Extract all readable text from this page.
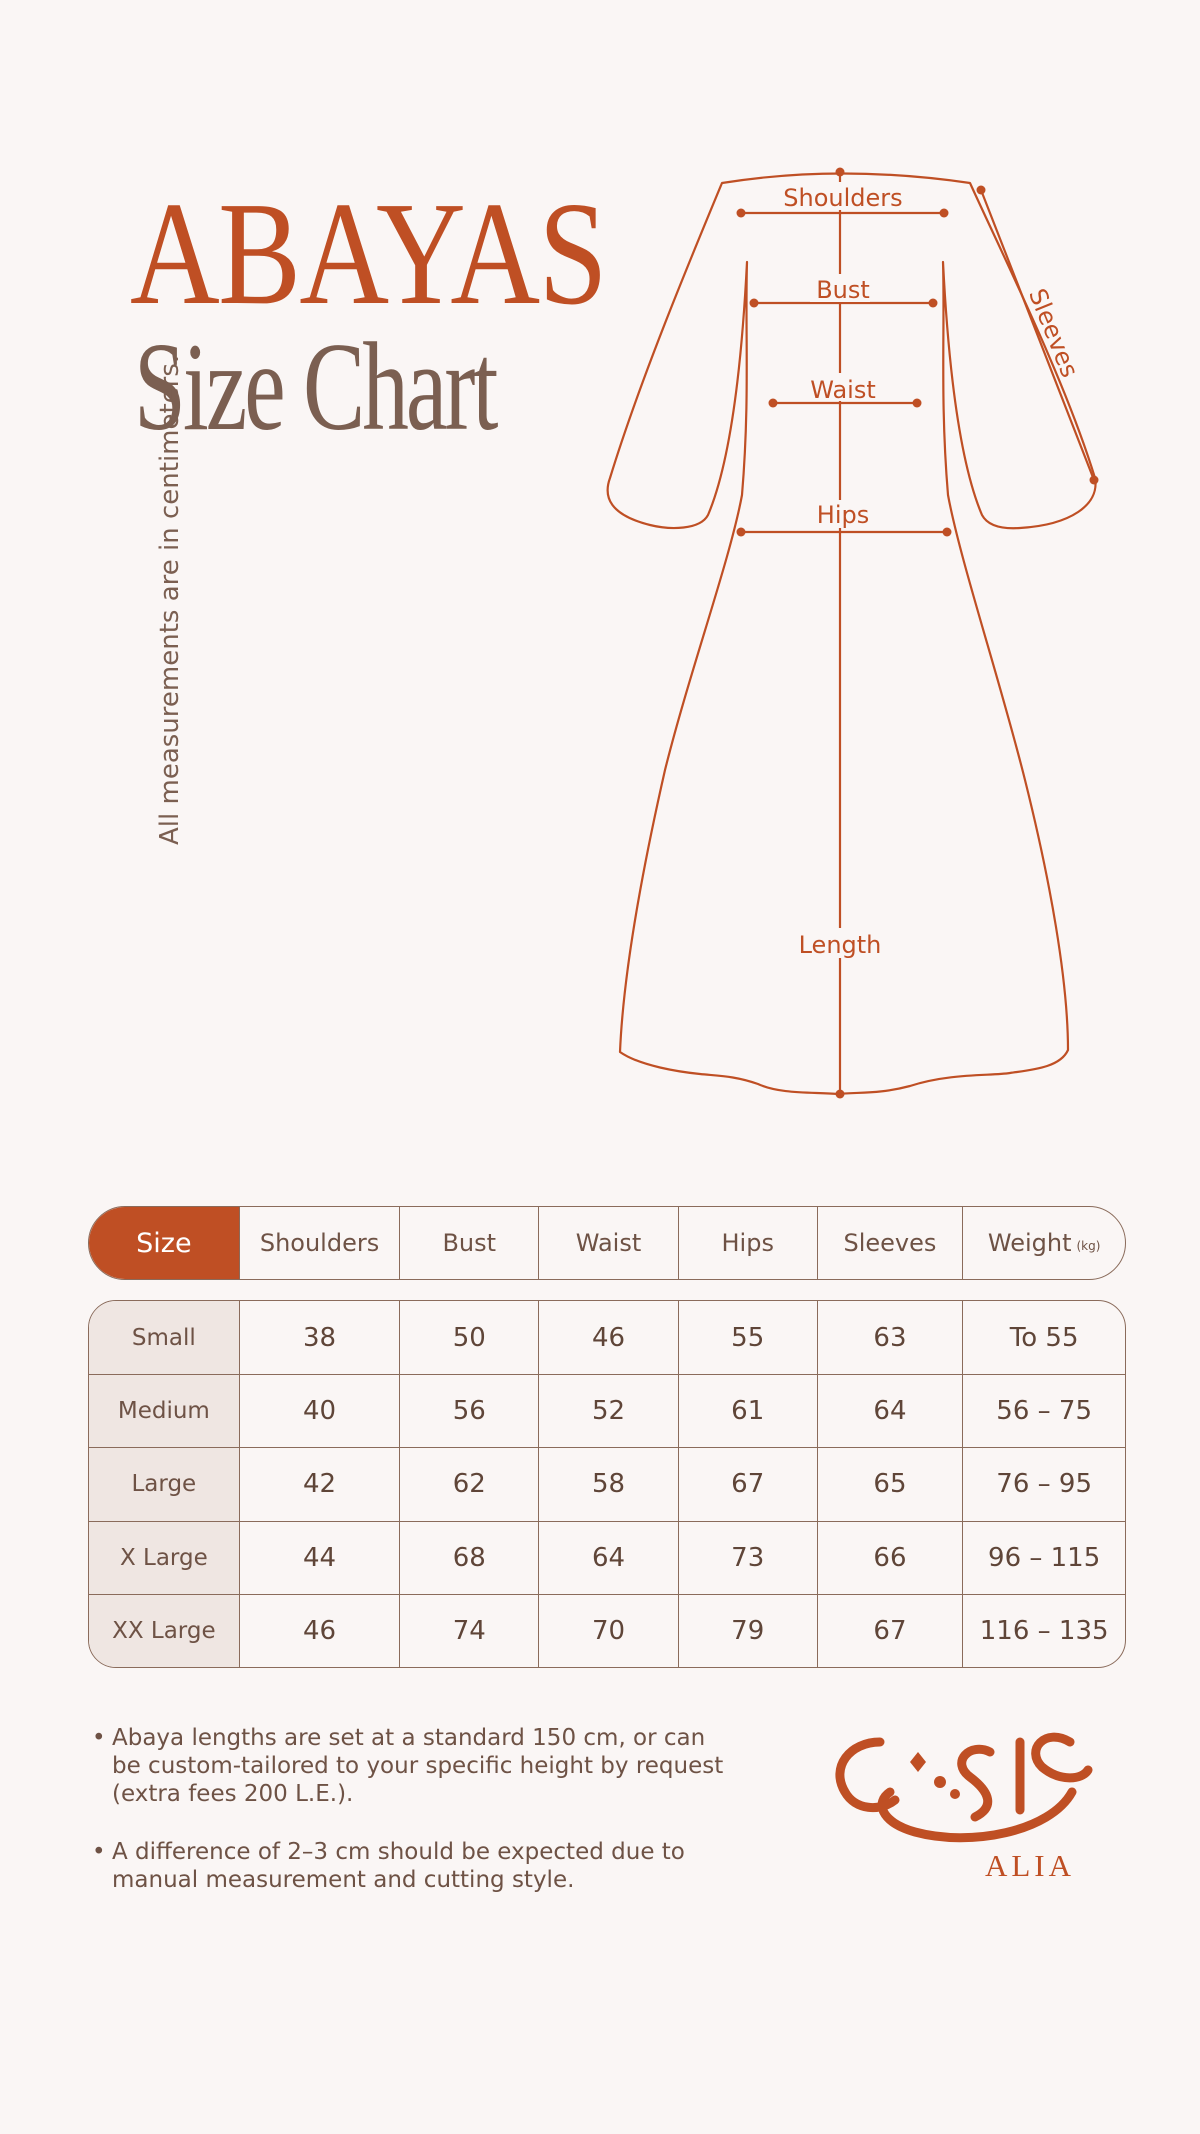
ABAYAS
Size Chart
All measurements are in centimeters.
Shoulders
Bust
Waist
Hips
Length
Sleeves
Size	Shoulders	Bust	Waist	Hips	Sleeves	Weight (kg)
Small	38	50	46	55	63	To 55
Medium	40	56	52	61	64	56 – 75
Large	42	62	58	67	65	76 – 95
X Large	44	68	64	73	66	96 – 115
XX Large	46	74	70	79	67	116 – 135
• Abaya lengths are set at a standard 150 cm, or can be custom-tailored to your specific height by request (extra fees 200 L.E.).
• A difference of 2–3 cm should be expected due to manual measurement and cutting style.	ALIA
